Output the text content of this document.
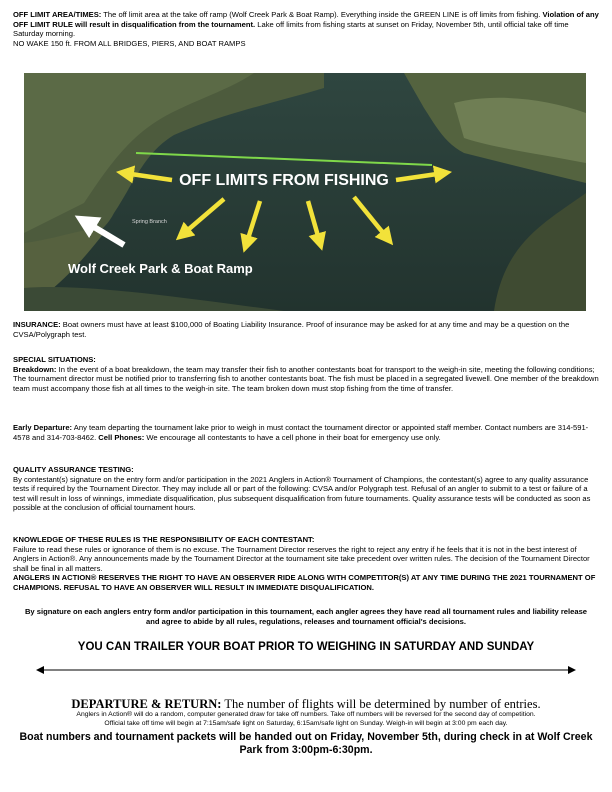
OFF LIMIT AREA/TIMES: The off limit area at the take off ramp (Wolf Creek Park & Boat Ramp). Everything inside the GREEN LINE is off limits from fishing. Violation of any OFF LIMIT RULE will result in disqualification from the tournament. Lake off limits from fishing starts at sunset on Friday, November 5th, until official take off time Saturday morning.
NO WAKE 150 ft. FROM ALL BRIDGES, PIERS, AND BOAT RAMPS
OFF LIMITS FROM FISHING
Spring Branch
Wolf Creek Park & Boat Ramp
INSURANCE: Boat owners must have at least $100,000 of Boating Liability Insurance. Proof of insurance may be asked for at any time and may be a question on the CVSA/Polygraph test.
SPECIAL SITUATIONS:
Breakdown: In the event of a boat breakdown, the team may transfer their fish to another contestants boat for transport to the weigh-in site, meeting the following conditions; The tournament director must be notified prior to transferring fish to another contestants boat. The fish must be placed in a segregated livewell. One member of the breakdown team must accompany those fish at all times to the weigh-in site. The team broken down must stop fishing from the time of transfer.
Early Departure: Any team departing the tournament lake prior to weigh in must contact the tournament director or appointed staff member. Contact numbers are 314-591-4578 and 314-703-8462. Cell Phones: We encourage all contestants to have a cell phone in their boat for emergency use only.
QUALITY ASSURANCE TESTING:
By contestant(s) signature on the entry form and/or participation in the 2021 Anglers in Action® Tournament of Champions, the contestant(s) agree to any quality assurance tests if required by the Tournament Director. They may include all or part of the following: CVSA and/or Polygraph test. Refusal of an angler to submit to a test or failure of a test will result in loss of winnings, immediate disqualification, plus subsequent disqualification from future tournaments. Quality assurance tests will be conducted as soon as possible at the conclusion of official tournament hours.
KNOWLEDGE OF THESE RULES IS THE RESPONSIBILITY OF EACH CONTESTANT:
Failure to read these rules or ignorance of them is no excuse. The Tournament Director reserves the right to reject any entry if he feels that it is not in the best interest of Anglers in Action®. Any announcements made by the Tournament Director at the tournament site take precedent over written rules. The decision of the Tournament Director shall be final in all matters.
ANGLERS IN ACTION® RESERVES THE RIGHT TO HAVE AN OBSERVER RIDE ALONG WITH COMPETITOR(S) AT ANY TIME DURING THE 2021 TOURNAMENT OF CHAMPIONS. REFUSAL TO HAVE AN OBSERVER WILL RESULT IN IMMEDIATE DISQUALIFICATION.
By signature on each anglers entry form and/or participation in this tournament, each angler agrees they have read all tournament rules and liability release and agree to abide by all rules, regulations, releases and tournament official's decisions.
YOU CAN TRAILER YOUR BOAT PRIOR TO WEIGHING IN SATURDAY AND SUNDAY
DEPARTURE & RETURN: The number of flights will be determined by number of entries.
Anglers in Action® will do a random, computer generated draw for take off numbers. Take off numbers will be reversed for the second day of competition.
Official take off time will begin at 7:15am/safe light on Saturday, 6:15am/safe light on Sunday. Weigh-in will begin at 3:00 pm each day.
Boat numbers and tournament packets will be handed out on Friday, November 5th, during check in at Wolf Creek Park from 3:00pm-6:30pm.
